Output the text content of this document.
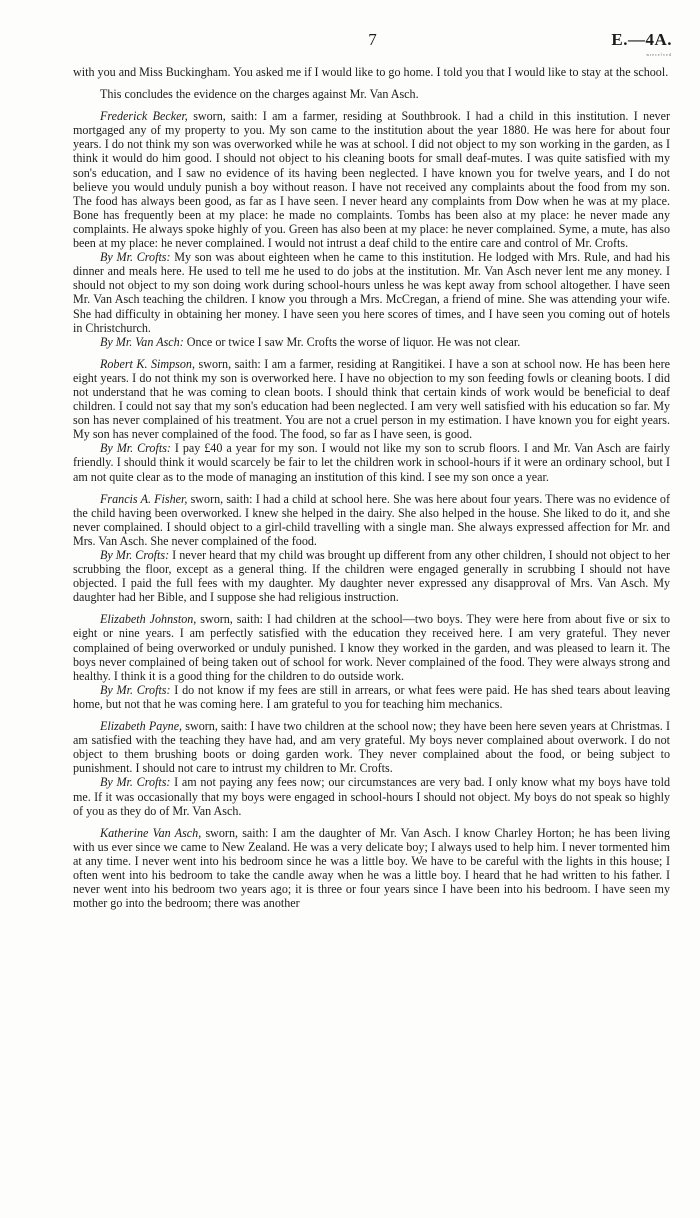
7	E.—4A.
ⁿʳᵉᶜᵉⁱᵛᵉᵈ

with you and Miss Buckingham. You asked me if I would like to go home. I told you that I would like to stay at the school.

This concludes the evidence on the charges against Mr. Van Asch.

Frederick Becker, sworn, saith: I am a farmer, residing at Southbrook. I had a child in this institution. I never mortgaged any of my property to you. My son came to the institution about the year 1880. He was here for about four years. I do not think my son was overworked while he was at school. I did not object to my son working in the garden, as I think it would do him good. I should not object to his cleaning boots for small deaf-mutes. I was quite satisfied with my son's education, and I saw no evidence of its having been neglected. I have known you for twelve years, and I do not believe you would unduly punish a boy without reason. I have not received any complaints about the food from my son. The food has always been good, as far as I have seen. I never heard any complaints from Dow when he was at my place. Bone has frequently been at my place: he made no complaints. Tombs has been also at my place: he never made any complaints. He always spoke highly of you. Green has also been at my place: he never complained. Syme, a mute, has also been at my place: he never complained. I would not intrust a deaf child to the entire care and control of Mr. Crofts.

By Mr. Crofts: My son was about eighteen when he came to this institution. He lodged with Mrs. Rule, and had his dinner and meals here. He used to tell me he used to do jobs at the institution. Mr. Van Asch never lent me any money. I should not object to my son doing work during school-hours unless he was kept away from school altogether. I have seen Mr. Van Asch teaching the children. I know you through a Mrs. McCregan, a friend of mine. She was attending your wife. She had difficulty in obtaining her money. I have seen you here scores of times, and I have seen you coming out of hotels in Christchurch.

By Mr. Van Asch: Once or twice I saw Mr. Crofts the worse of liquor. He was not clear.

Robert K. Simpson, sworn, saith: I am a farmer, residing at Rangitikei. I have a son at school now. He has been here eight years. I do not think my son is overworked here. I have no objection to my son feeding fowls or cleaning boots. I did not understand that he was coming to clean boots. I should think that certain kinds of work would be beneficial to deaf children. I could not say that my son's education had been neglected. I am very well satisfied with his education so far. My son has never complained of his treatment. You are not a cruel person in my estimation. I have known you for eight years. My son has never complained of the food. The food, so far as I have seen, is good.

By Mr. Crofts: I pay £40 a year for my son. I would not like my son to scrub floors. I and Mr. Van Asch are fairly friendly. I should think it would scarcely be fair to let the children work in school-hours if it were an ordinary school, but I am not quite clear as to the mode of managing an institution of this kind. I see my son once a year.

Francis A. Fisher, sworn, saith: I had a child at school here. She was here about four years. There was no evidence of the child having been overworked. I knew she helped in the dairy. She also helped in the house. She liked to do it, and she never complained. I should object to a girl-child travelling with a single man. She always expressed affection for Mr. and Mrs. Van Asch. She never complained of the food.

By Mr. Crofts: I never heard that my child was brought up different from any other children, I should not object to her scrubbing the floor, except as a general thing. If the children were engaged generally in scrubbing I should not have objected. I paid the full fees with my daughter. My daughter never expressed any disapproval of Mrs. Van Asch. My daughter had her Bible, and I suppose she had religious instruction.

Elizabeth Johnston, sworn, saith: I had children at the school—two boys. They were here from about five or six to eight or nine years. I am perfectly satisfied with the education they received here. I am very grateful. They never complained of being overworked or unduly punished. I know they worked in the garden, and was pleased to learn it. The boys never complained of being taken out of school for work. Never complained of the food. They were always strong and healthy. I think it is a good thing for the children to do outside work.

By Mr. Crofts: I do not know if my fees are still in arrears, or what fees were paid. He has shed tears about leaving home, but not that he was coming here. I am grateful to you for teaching him mechanics.

Elizabeth Payne, sworn, saith: I have two children at the school now; they have been here seven years at Christmas. I am satisfied with the teaching they have had, and am very grateful. My boys never complained about overwork. I do not object to them brushing boots or doing garden work. They never complained about the food, or being subject to punishment. I should not care to intrust my children to Mr. Crofts.

By Mr. Crofts: I am not paying any fees now; our circumstances are very bad. I only know what my boys have told me. If it was occasionally that my boys were engaged in school-hours I should not object. My boys do not speak so highly of you as they do of Mr. Van Asch.

Katherine Van Asch, sworn, saith: I am the daughter of Mr. Van Asch. I know Charley Horton; he has been living with us ever since we came to New Zealand. He was a very delicate boy; I always used to help him. I never tormented him at any time. I never went into his bedroom since he was a little boy. We have to be careful with the lights in this house; I often went into his bedroom to take the candle away when he was a little boy. I heard that he had written to his father. I never went into his bedroom two years ago; it is three or four years since I have been into his bedroom. I have seen my mother go into the bedroom; there was another
